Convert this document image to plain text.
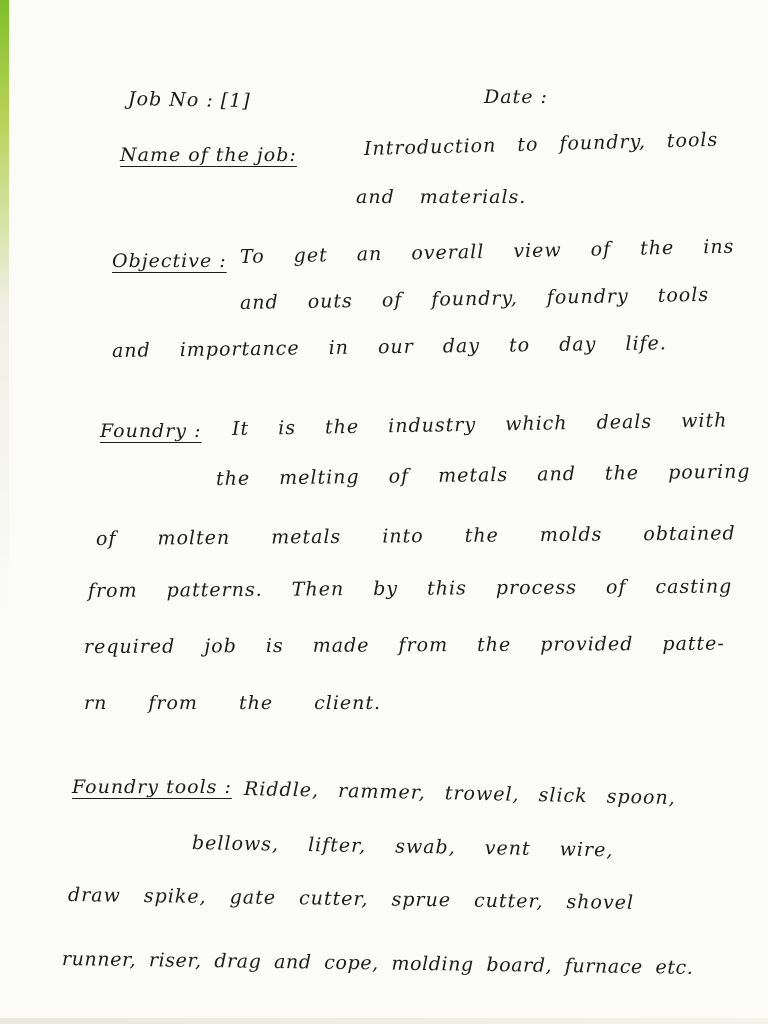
Job No : [1]	Date :
Name of the job:	Introduction to foundry, tools
and materials.
Objective : To get an overall view of the ins
and outs of foundry, foundry tools
and importance in our day to day life.
Foundry : It is the industry which deals with
the melting of metals and the pouring
of molten metals into the molds obtained
from patterns. Then by this process of casting
required job is made from the provided patte-
rn from the client.
Foundry tools : Riddle, rammer, trowel, slick spoon,
bellows, lifter, swab, vent wire,
draw spike, gate cutter, sprue cutter, shovel
runner, riser, drag and cope, molding board, furnace etc.
